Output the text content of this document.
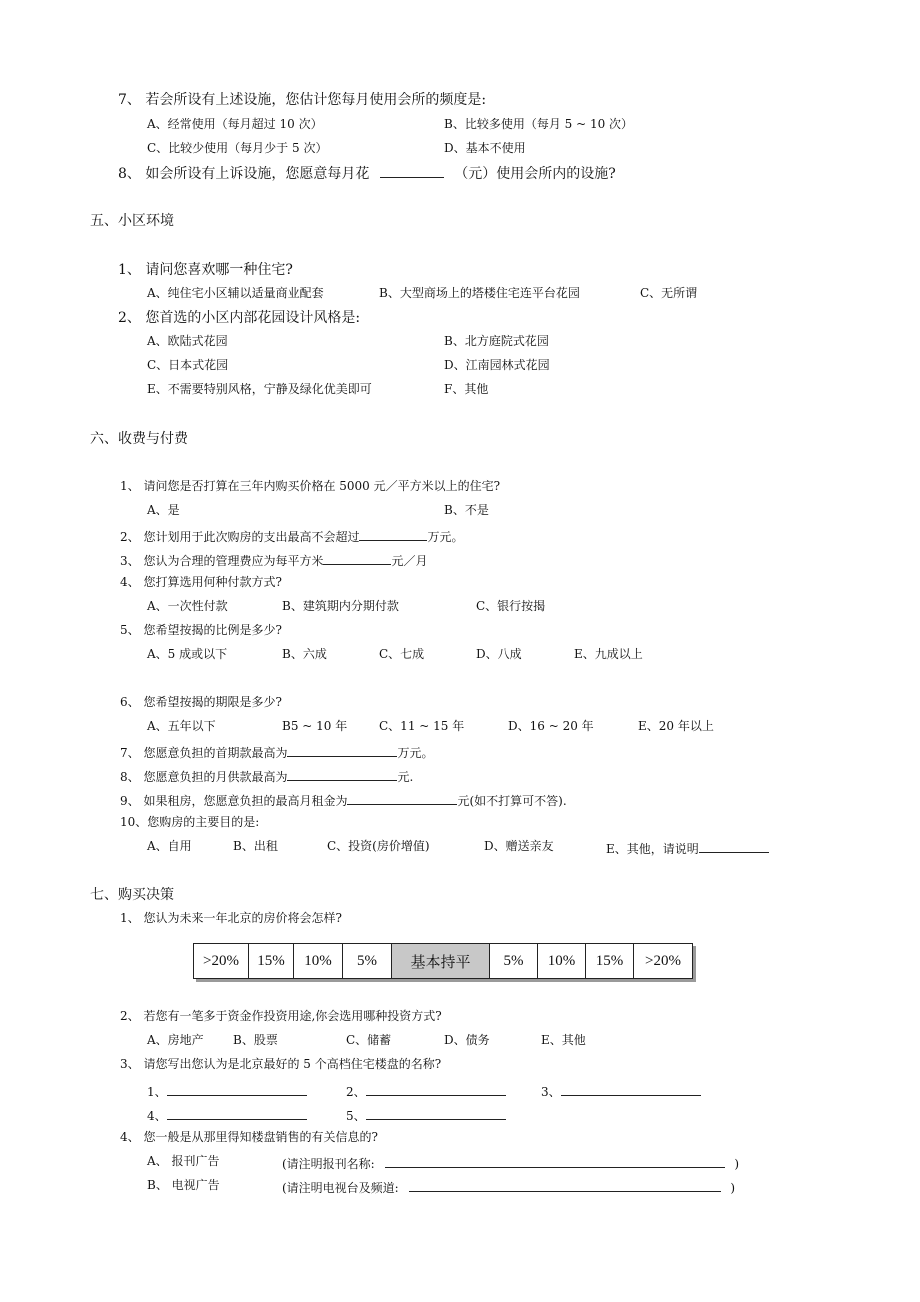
7、 若会所设有上述设施，您估计您每月使用会所的频度是:
A、经常使用（每月超过 10 次）	B、比较多使用（每月 5 ~ 10 次）
C、比较少使用（每月少于 5 次）	D、基本不使用
8、 如会所设有上诉设施，您愿意每月花	（元）使用会所内的设施?
五、小区环境
1、 请问您喜欢哪一种住宅?
A、纯住宅小区辅以适量商业配套	B、大型商场上的塔楼住宅连平台花园	C、无所谓
2、 您首选的小区内部花园设计风格是:
A、欧陆式花园	B、北方庭院式花园
C、日本式花园	D、江南园林式花园
E、不需要特别风格，宁静及绿化优美即可	F、其他
六、收费与付费
1、 请问您是否打算在三年内购买价格在 5000 元／平方米以上的住宅?
A、是	B、不是
2、 您计划用于此次购房的支出最高不会超过	万元。
3、 您认为合理的管理费应为每平方米	元／月
4、 您打算选用何种付款方式?
A、一次性付款	B、建筑期内分期付款	C、银行按揭
5、 您希望按揭的比例是多少?
A、5 成或以下	B、六成	C、七成	D、八成	E、九成以上
6、 您希望按揭的期限是多少?
A、五年以下	B5 ~ 10 年	C、11 ~ 15 年	D、16 ~ 20 年	E、20 年以上
7、 您愿意负担的首期款最高为	万元。
8、 您愿意负担的月供款最高为	元.
9、 如果租房，您愿意负担的最高月租金为	元(如不打算可不答).
10、您购房的主要目的是:
A、自用	B、出租	C、投资(房价增值)	D、赠送亲友	E、其他，请说明
七、购买决策
1、 您认为未来一年北京的房价将会怎样?
>20%	15%	10%	5%	基本持平	5%	10%	15%	>20%
2、 若您有一笔多于资金作投资用途,你会选用哪种投资方式?
A、房地产 B、股票	C、储蓄	D、债务	E、其他
3、 请您写出您认为是北京最好的 5 个高档住宅楼盘的名称?
1、	2、	3、
4、	5、
4、 您一般是从那里得知楼盘销售的有关信息的?
A、 报刊广告	(请注明报刊名称:	)
B、 电视广告	(请注明电视台及频道:	)
